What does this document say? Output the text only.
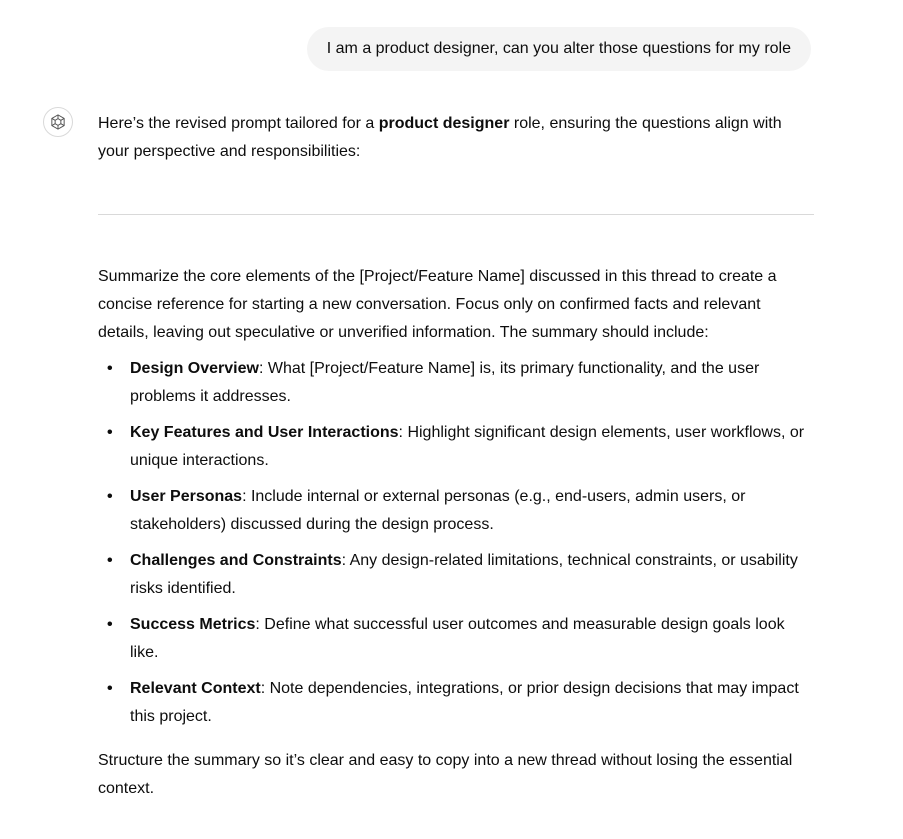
I am a product designer, can you alter those questions for my role

Here’s the revised prompt tailored for a product designer role, ensuring the questions align with your perspective and responsibilities:

Summarize the core elements of the [Project/Feature Name] discussed in this thread to create a concise reference for starting a new conversation. Focus only on confirmed facts and relevant details, leaving out speculative or unverified information. The summary should include:

• Design Overview: What [Project/Feature Name] is, its primary functionality, and the user problems it addresses.
• Key Features and User Interactions: Highlight significant design elements, user workflows, or unique interactions.
• User Personas: Include internal or external personas (e.g., end-users, admin users, or stakeholders) discussed during the design process.
• Challenges and Constraints: Any design-related limitations, technical constraints, or usability risks identified.
• Success Metrics: Define what successful user outcomes and measurable design goals look like.
• Relevant Context: Note dependencies, integrations, or prior design decisions that may impact this project.

Structure the summary so it’s clear and easy to copy into a new thread without losing the essential context.
